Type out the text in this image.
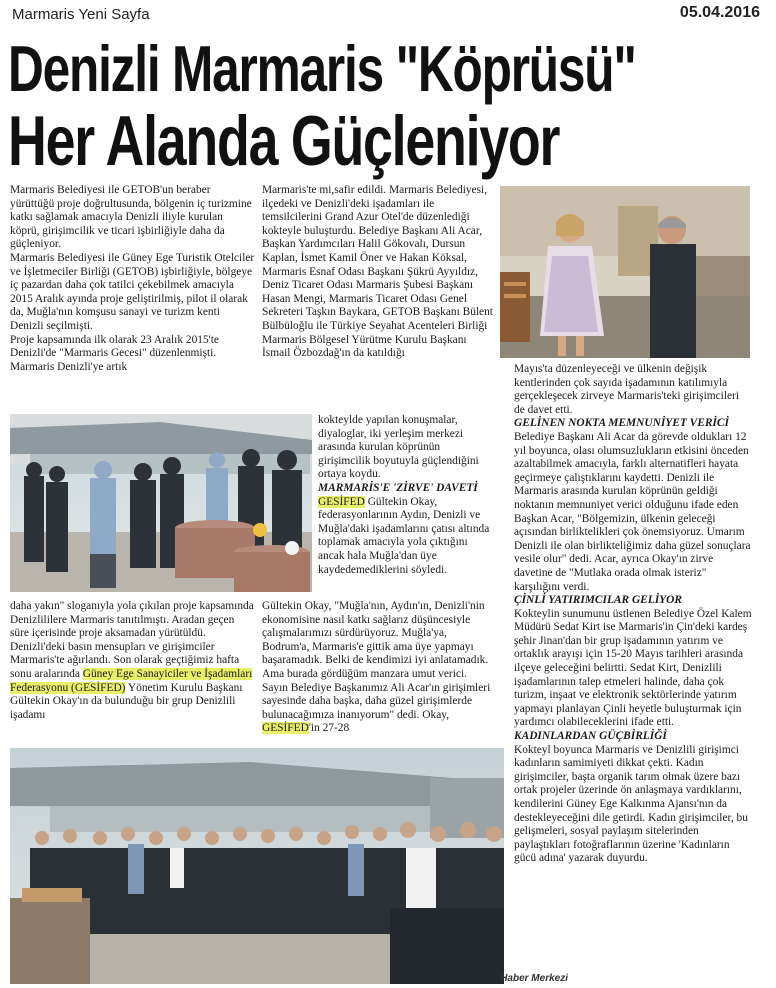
Marmaris Yeni Sayfa	05.04.2016
Denizli Marmaris "Köprüsü"
Her Alanda Güçleniyor

Marmaris Belediyesi ile GETOB'un beraber yürüttüğü proje doğrultusunda, bölgenin iç turizmine katkı sağlamak amacıyla Denizli iliyle kurulan köprü, girişimcilik ve ticari işbirliğiyle daha da güçleniyor.

Marmaris Belediyesi ile Güney Ege Turistik Otelciler ve İşletmeciler Birliği (GETOB) işbirliğiyle, bölgeye iç pazardan daha çok tatilci çekebilmek amacıyla 2015 Aralık ayında proje geliştirilmiş, pilot il olarak da, Muğla'nın komşusu sanayi ve turizm kenti Denizli seçilmişti.

Proje kapsamında ilk olarak 23 Aralık 2015'te Denizli'de "Marmaris Gecesi" düzenlenmişti. Marmaris Denizli'ye artık

daha yakın" sloganıyla yola çıkılan proje kapsamında Denizlililere Marmaris tanıtılmıştı. Aradan geçen süre içerisinde proje aksamadan yürütüldü. Denizli'deki basın mensupları ve girişimciler Marmaris'te ağırlandı. Son olarak geçtiğimiz hafta sonu aralarında Güney Ege Sanayiciler ve İşadamları Federasyonu (GESİFED) Yönetim Kurulu Başkanı Gültekin Okay'ın da bulunduğu bir grup Denizlili işadamı

Marmaris'te mi,safir edildi. Marmaris Belediyesi, ilçedeki ve Denizli'deki işadamları ile temsilcilerini Grand Azur Otel'de düzenlediği kokteyle buluşturdu. Belediye Başkanı Ali Acar, Başkan Yardımcıları Halil Gökovalı, Dursun Kaplan, İsmet Kamil Öner ve Hakan Köksal, Marmaris Esnaf Odası Başkanı Şükrü Ayyıldız, Deniz Ticaret Odası Marmaris Şubesi Başkanı Hasan Mengi, Marmaris Ticaret Odası Genel Sekreteri Taşkın Baykara, GETOB Başkanı Bülent Bülbüloğlu ile Türkiye Seyahat Acenteleri Birliği Marmaris Bölgesel Yürütme Kurulu Başkanı İsmail Özbozdağ'ın da katıldığı

kokteylde yapılan konuşmalar, diyaloglar, iki yerleşim merkezi arasında kurulan köprünün girişimcilik boyutuyla güçlendiğini ortaya koydu.

MARMARİS'E 'ZİRVE' DAVETİ

GESİFED Gültekin Okay, federasyonlarının Aydın, Denizli ve Muğla'daki işadamlarını çatısı altında toplamak amacıyla yola çıktığını ancak hala Muğla'dan üye kaydedemediklerini söyledi.

Gültekin Okay, "Muğla'nın, Aydın'ın, Denizli'nin ekonomisine nasıl katkı sağlarız düşüncesiyle çalışmalarımızı sürdürüyoruz. Muğla'ya, Bodrum'a, Marmaris'e gittik ama üye yapmayı başaramadık. Belki de kendimizi iyi anlatamadık. Ama burada gördüğüm manzara umut verici. Sayın Belediye Başkanımız Ali Acar'ın girişimleri sayesinde daha başka, daha güzel girişimlerde bulunacağımıza inanıyorum" dedi. Okay, GESİFED'in 27-28

Mayıs'ta düzenleyeceği ve ülkenin değişik kentlerinden çok sayıda işadamının katılımıyla gerçekleşecek zirveye Marmaris'teki girişimcileri de davet etti.

GELİNEN NOKTA MEMNUNİYET VERİCİ

Belediye Başkanı Ali Acar da görevde oldukları 12 yıl boyunca, olası olumsuzlukların etkisini önceden azaltabilmek amacıyla, farklı alternatifleri hayata geçirmeye çalıştıklarını kaydetti. Denizli ile Marmaris arasında kurulan köprünün geldiği noktanın memnuniyet verici olduğunu ifade eden Başkan Acar, "Bölgemizin, ülkenin geleceği açısından birliktelikleri çok önemsiyoruz. Umarım Denizli ile olan birlikteliğimiz daha güzel sonuçlara vesile olur" dedi. Acar, ayrıca Okay'ın zirve davetine de "Mutlaka orada olmak isteriz" karşılığını verdi.

ÇİNLİ YATIRIMCILAR GELİYOR

Kokteylin sunumunu üstlenen Belediye Özel Kalem Müdürü Sedat Kirt ise Marmaris'in Çin'deki kardeş şehir Jinan'dan bir grup işadamının yatırım ve ortaklık arayışı için 15-20 Mayıs tarihleri arasında ilçeye geleceğini belirtti. Sedat Kirt, Denizlili işadamlarının talep etmeleri halinde, daha çok turizm, inşaat ve elektronik sektörlerinde yatırım yapmayı planlayan Çinli heyetle buluşturmak için yardımcı olabileceklerini ifade etti.

KADINLARDAN GÜÇBİRLİĞİ

Kokteyl boyunca Marmaris ve Denizlili girişimci kadınların samimiyeti dikkat çekti. Kadın girişimciler, başta organik tarım olmak üzere bazı ortak projeler üzerinde ön anlaşmaya vardıklarını, kendilerini Güney Ege Kalkınma Ajansı'nın da destekleyeceğini dile getirdi. Kadın girişimciler, bu gelişmeleri, sosyal paylaşım sitelerinden paylaştıkları fotoğraflarının üzerine 'Kadınların gücü adına' yazarak duyurdu.

Haber Merkezi
